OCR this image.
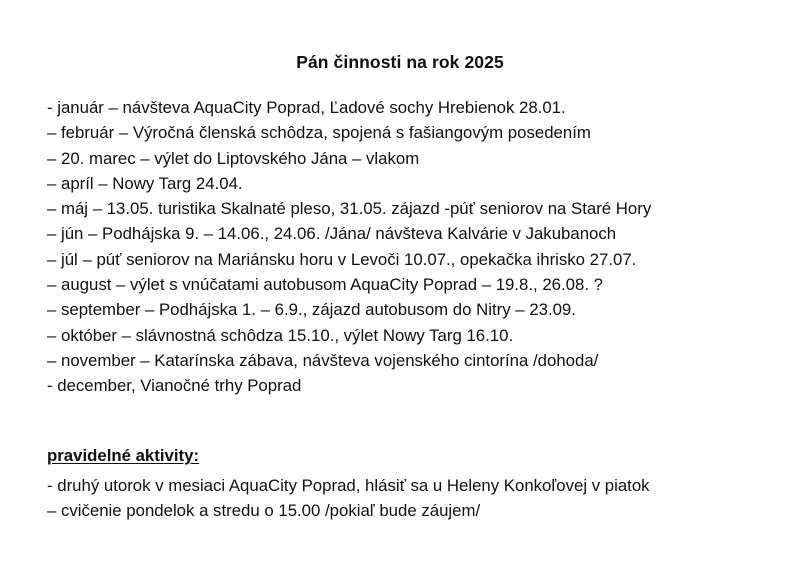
Pán činnosti na rok 2025
- január – návšteva AquaCity Poprad, Ľadové sochy Hrebienok 28.01.
– február – Výročná členská schôdza, spojená s fašiangovým posedením
– 20. marec – výlet do Liptovského Jána – vlakom
– apríl – Nowy Targ 24.04.
– máj – 13.05. turistika Skalnaté pleso, 31.05. zájazd -púť seniorov na Staré Hory
– jún – Podhájska 9. – 14.06., 24.06. /Jána/ návšteva Kalvárie v Jakubanoch
– júl – púť seniorov na Mariánsku horu v Levoči 10.07., opekačka ihrisko 27.07.
– august – výlet s vnúčatami autobusom AquaCity Poprad – 19.8., 26.08. ?
– september – Podhájska 1. – 6.9., zájazd autobusom do Nitry – 23.09.
– október – slávnostná schôdza 15.10., výlet Nowy Targ 16.10.
– november – Katarínska zábava, návšteva vojenského cintorína /dohoda/
- december, Vianočné trhy Poprad
pravidelné aktivity:
- druhý utorok v mesiaci AquaCity Poprad, hlásiť sa u Heleny Konkoľovej v piatok
– cvičenie pondelok a stredu o 15.00 /pokiaľ bude záujem/
